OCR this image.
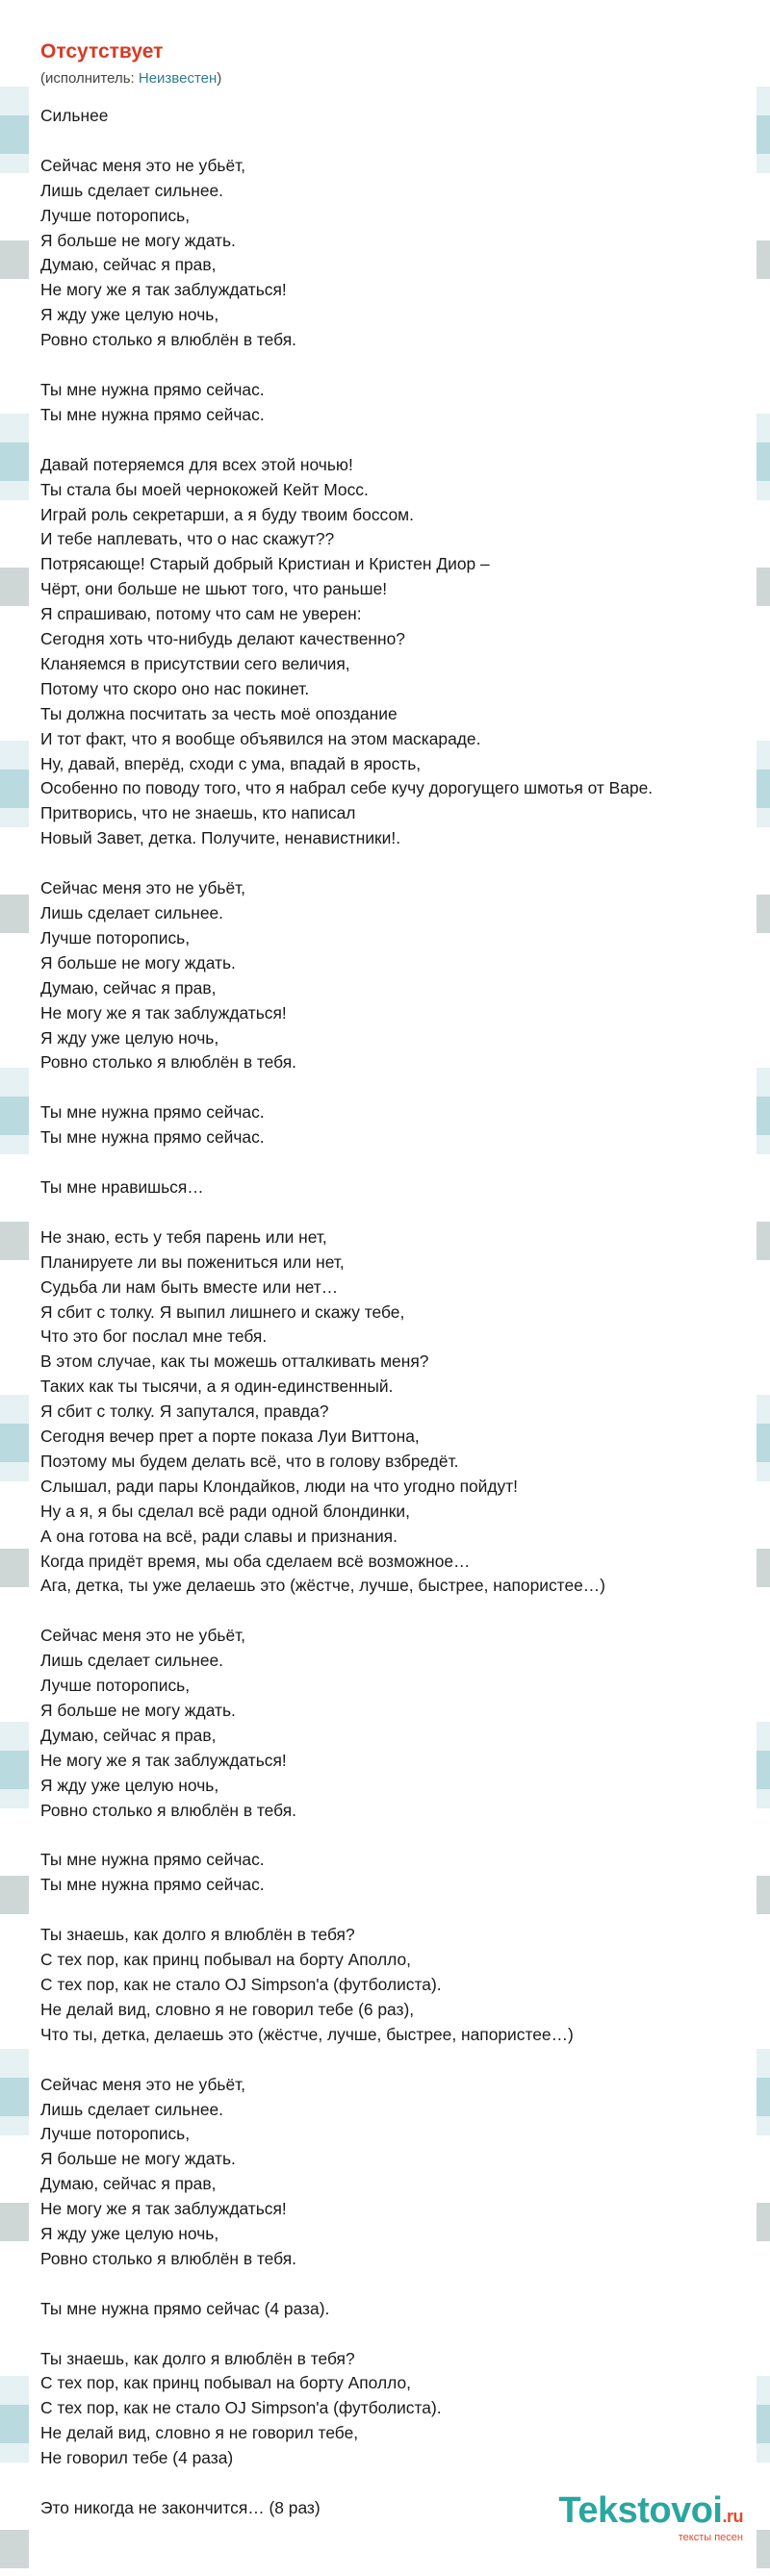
Отсутствует
(исполнитель: Неизвестен)
Сильнее

Сейчас меня это не убьёт,
Лишь сделает сильнее.
Лучше поторопись,
Я больше не могу ждать.
Думаю, сейчас я прав,
Не могу же я так заблуждаться!
Я жду уже целую ночь,
Ровно столько я влюблён в тебя.

Ты мне нужна прямо сейчас.
Ты мне нужна прямо сейчас.

Давай потеряемся для всех этой ночью!
Ты стала бы моей чернокожей Кейт Мосс.
Играй роль секретарши, а я буду твоим боссом.
И тебе наплевать, что о нас скажут??
Потрясающе! Старый добрый Кристиан и Кристен Диор –
Чёрт, они больше не шьют того, что раньше!
Я спрашиваю, потому что сам не уверен:
Сегодня хоть что-нибудь делают качественно?
Кланяемся в присутствии сего величия,
Потому что скоро оно нас покинет.
Ты должна посчитать за честь моё опоздание
И тот факт, что я вообще объявился на этом маскараде.
Ну, давай, вперёд, сходи с ума, впадай в ярость,
Особенно по поводу того, что я набрал себе кучу дорогущего шмотья от Варе.
Притворись, что не знаешь, кто написал
Новый Завет, детка. Получите, ненавистники!.

Сейчас меня это не убьёт,
Лишь сделает сильнее.
Лучше поторопись,
Я больше не могу ждать.
Думаю, сейчас я прав,
Не могу же я так заблуждаться!
Я жду уже целую ночь,
Ровно столько я влюблён в тебя.

Ты мне нужна прямо сейчас.
Ты мне нужна прямо сейчас.

Ты мне нравишься…

Не знаю, есть у тебя парень или нет,
Планируете ли вы пожениться или нет,
Судьба ли нам быть вместе или нет…
Я сбит с толку. Я выпил лишнего и скажу тебе,
Что это бог послал мне тебя.
В этом случае, как ты можешь отталкивать меня?
Таких как ты тысячи, а я один-единственный.
Я сбит с толку. Я запутался, правда?
Сегодня вечер прет а порте показа Луи Виттона,
Поэтому мы будем делать всё, что в голову взбредёт.
Слышал, ради пары Клондайков, люди на что угодно пойдут!
Ну а я, я бы сделал всё ради одной блондинки,
А она готова на всё, ради славы и признания.
Когда придёт время, мы оба сделаем всё возможное…
Ага, детка, ты уже делаешь это (жёстче, лучше, быстрее, напористее…)

Сейчас меня это не убьёт,
Лишь сделает сильнее.
Лучше поторопись,
Я больше не могу ждать.
Думаю, сейчас я прав,
Не могу же я так заблуждаться!
Я жду уже целую ночь,
Ровно столько я влюблён в тебя.

Ты мне нужна прямо сейчас.
Ты мне нужна прямо сейчас.

Ты знаешь, как долго я влюблён в тебя?
С тех пор, как принц побывал на борту Аполло,
С тех пор, как не стало OJ Simpson'a (футболиста).
Не делай вид, словно я не говорил тебе (6 раз),
Что ты, детка, делаешь это (жёстче, лучше, быстрее, напористее…)

Сейчас меня это не убьёт,
Лишь сделает сильнее.
Лучше поторопись,
Я больше не могу ждать.
Думаю, сейчас я прав,
Не могу же я так заблуждаться!
Я жду уже целую ночь,
Ровно столько я влюблён в тебя.

Ты мне нужна прямо сейчас (4 раза).

Ты знаешь, как долго я влюблён в тебя?
С тех пор, как принц побывал на борту Аполло,
С тех пор, как не стало OJ Simpson'a (футболиста).
Не делай вид, словно я не говорил тебе,
Не говорил тебе (4 раза)

Это никогда не закончится… (8 раз)	Tekstovoi.ru
тексты песен
